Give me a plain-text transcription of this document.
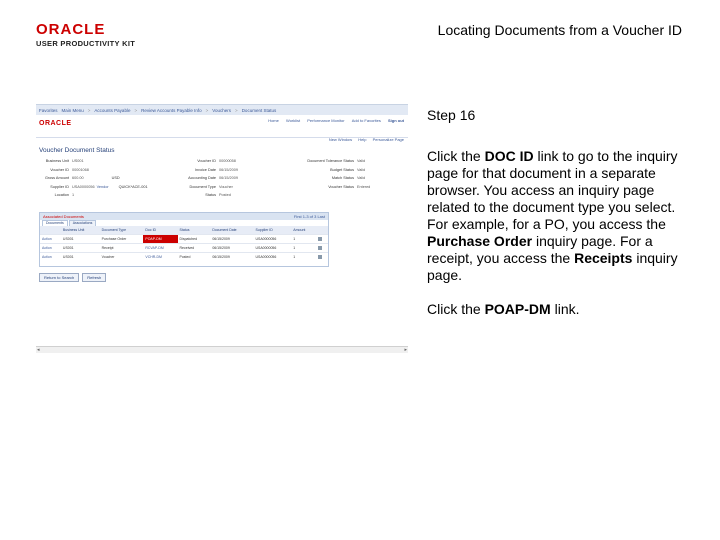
ORACLE
USER PRODUCTIVITY KIT
Locating Documents from a Voucher ID
Favorites Main Menu > Accounts Payable > Review Accounts Payable Info > Vouchers > Document Status
ORACLE	Home Worklist Performance Monitor Add to Favorites Sign out
New Window Help Personalize Page
Voucher Document Status
Business Unit US001
Voucher ID 00001068
Gross Amount 600.00	USD
Supplier ID USA0000056 Vendor	QUICK*ACE-001
Location 1
Voucher ID 00000058
Invoice Date 06/15/2009
Accounting Date 06/15/2009
Document Type Voucher
Status Posted
Document Tolerance Status Valid
Budget Status Valid
Match Status Valid
Voucher Status Entered
Associated Documents	First 1-3 of 3 Last
Documents	Associations
	Business Unit	Document Type	Doc ID	Status	Document Date	Supplier ID	Amount	
Action	US001	Purchase Order	POAP-DM	Dispatched	06/15/2009	USA0000056	1	
Action	US001	Receipt	RCVAP-DM	Received	06/15/2009	USA0000056	1	
Action	US001	Voucher	VCHR-DM	Posted	06/15/2009	USA0000056	1	
Return to Search	Refresh
◂	▸
Step 16

Click the DOC ID link to go to the inquiry page for that document in a separate browser. You access an inquiry page related to the document type you select. For example, for a PO, you access the Purchase Order inquiry page. For a receipt, you access the Receipts inquiry page.

Click the POAP-DM link.
